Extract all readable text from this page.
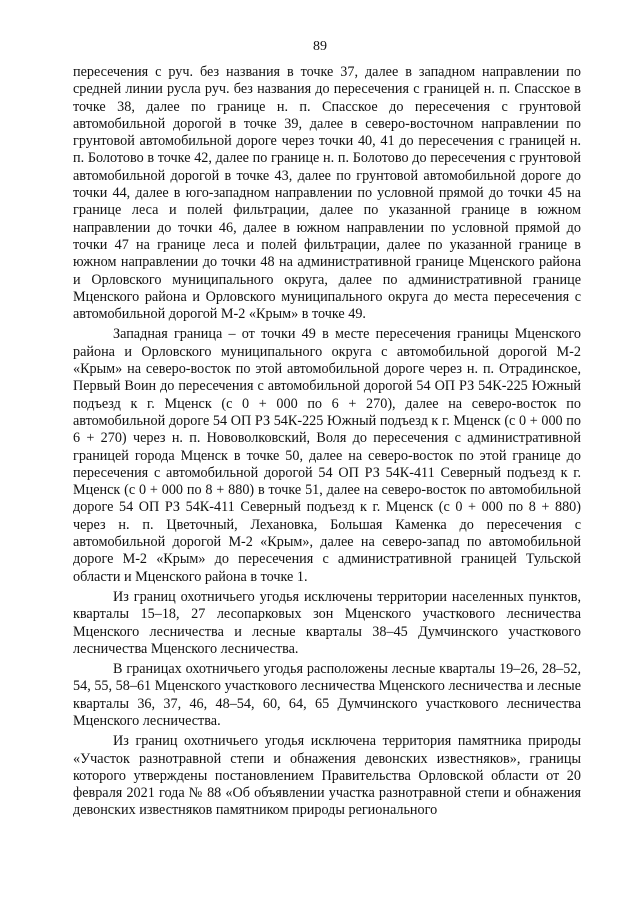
89

пересечения с руч. без названия в точке 37, далее в западном направлении по средней линии русла руч. без названия до пересечения с границей н. п. Спасское в точке 38, далее по границе н. п. Спасское до пересечения с грунтовой автомобильной дорогой в точке 39, далее в северо-восточном направлении по грунтовой автомобильной дороге через точки 40, 41 до пересечения с границей н. п. Болотово в точке 42, далее по границе н. п. Болотово до пересечения с грунтовой автомобильной дорогой в точке 43, далее по грунтовой автомобильной дороге до точки 44, далее в юго-западном направлении по условной прямой до точки 45 на границе леса и полей фильтрации, далее по указанной границе в южном направлении до точки 46, далее в южном направлении по условной прямой до точки 47 на границе леса и полей фильтрации, далее по указанной границе в южном направлении до точки 48 на административной границе Мценского района и Орловского муниципального округа, далее по административной границе Мценского района и Орловского муниципального округа до места пересечения с автомобильной дорогой М-2 «Крым» в точке 49.

Западная граница – от точки 49 в месте пересечения границы Мценского района и Орловского муниципального округа с автомобильной дорогой М-2 «Крым» на северо-восток по этой автомобильной дороге через н. п. Отрадинское, Первый Воин до пересечения с автомобильной дорогой 54 ОП РЗ 54К-225 Южный подъезд к г. Мценск (с 0 + 000 по 6 + 270), далее на северо-восток по автомобильной дороге 54 ОП РЗ 54К-225 Южный подъезд к г. Мценск (с 0 + 000 по 6 + 270) через н. п. Нововолковский, Воля до пересечения с административной границей города Мценск в точке 50, далее на северо-восток по этой границе до пересечения с автомобильной дорогой 54 ОП РЗ 54К-411 Северный подъезд к г. Мценск (с 0 + 000 по 8 + 880) в точке 51, далее на северо-восток по автомобильной дороге 54 ОП РЗ 54К-411 Северный подъезд к г. Мценск (с 0 + 000 по 8 + 880) через н. п. Цветочный, Лехановка, Большая Каменка до пересечения с автомобильной дорогой М-2 «Крым», далее на северо-запад по автомобильной дороге М-2 «Крым» до пересечения с административной границей Тульской области и Мценского района в точке 1.

Из границ охотничьего угодья исключены территории населенных пунктов, кварталы 15–18, 27 лесопарковых зон Мценского участкового лесничества Мценского лесничества и лесные кварталы 38–45 Думчинского участкового лесничества Мценского лесничества.

В границах охотничьего угодья расположены лесные кварталы 19–26, 28–52, 54, 55, 58–61 Мценского участкового лесничества Мценского лесничества и лесные кварталы 36, 37, 46, 48–54, 60, 64, 65 Думчинского участкового лесничества Мценского лесничества.

Из границ охотничьего угодья исключена территория памятника природы «Участок разнотравной степи и обнажения девонских известняков», границы которого утверждены постановлением Правительства Орловской области от 20 февраля 2021 года № 88 «Об объявлении участка разнотравной степи и обнажения девонских известняков памятником природы регионального
